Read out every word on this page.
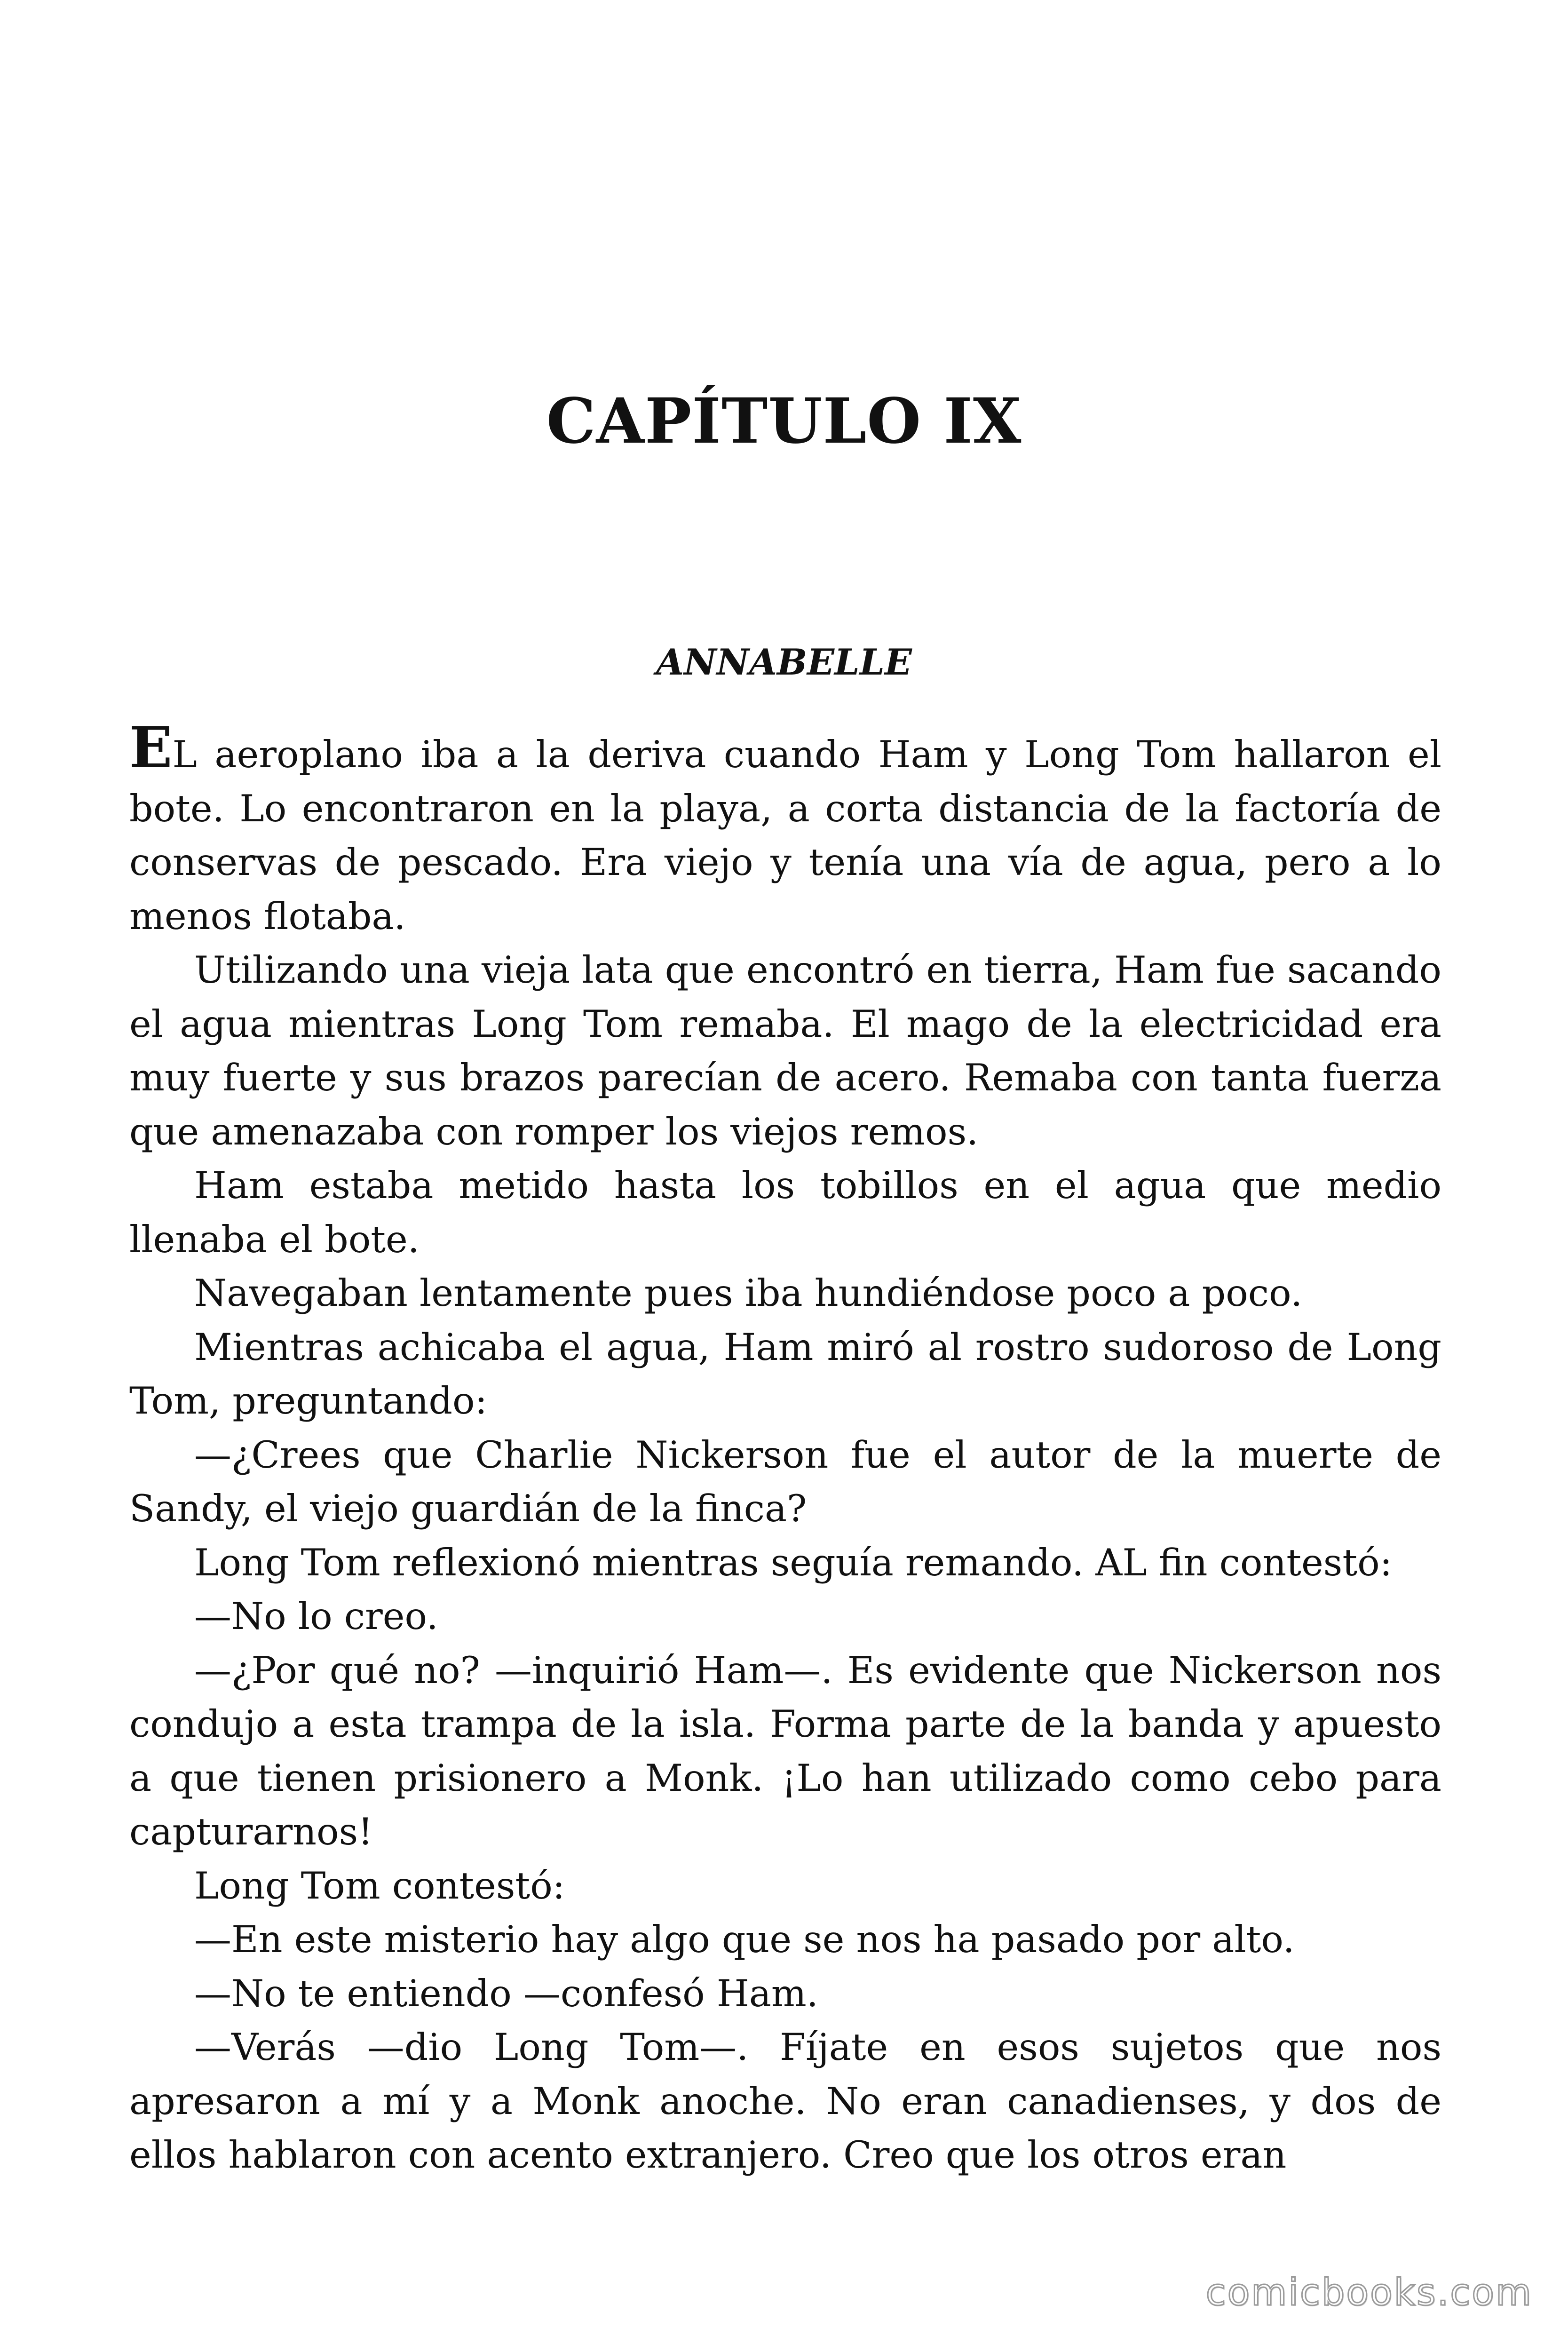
CAPÍTULO IX
ANNABELLE

EL aeroplano iba a la deriva cuando Ham y Long Tom hallaron el bote. Lo encontraron en la playa, a corta distancia de la factoría de conservas de pescado. Era viejo y tenía una vía de agua, pero a lo menos flotaba.

Utilizando una vieja lata que encontró en tierra, Ham fue sacando el agua mientras Long Tom remaba. El mago de la electricidad era muy fuerte y sus brazos parecían de acero. Remaba con tanta fuerza que amenazaba con romper los viejos remos.

Ham estaba metido hasta los tobillos en el agua que medio llenaba el bote.

Navegaban lentamente pues iba hundiéndose poco a poco.

Mientras achicaba el agua, Ham miró al rostro sudoroso de Long Tom, preguntando:

—¿Crees que Charlie Nickerson fue el autor de la muerte de Sandy, el viejo guardián de la finca?

Long Tom reflexionó mientras seguía remando. AL fin contestó:

—No lo creo.

—¿Por qué no? —inquirió Ham—. Es evidente que Nickerson nos condujo a esta trampa de la isla. Forma parte de la banda y apuesto a que tienen prisionero a Monk. ¡Lo han utilizado como cebo para capturarnos!

Long Tom contestó:

—En este misterio hay algo que se nos ha pasado por alto.

—No te entiendo —confesó Ham.

—Verás —dio Long Tom—. Fíjate en esos sujetos que nos apresaron a mí y a Monk anoche. No eran canadienses, y dos de ellos hablaron con acento extranjero. Creo que los otros eran

comicbooks.com
